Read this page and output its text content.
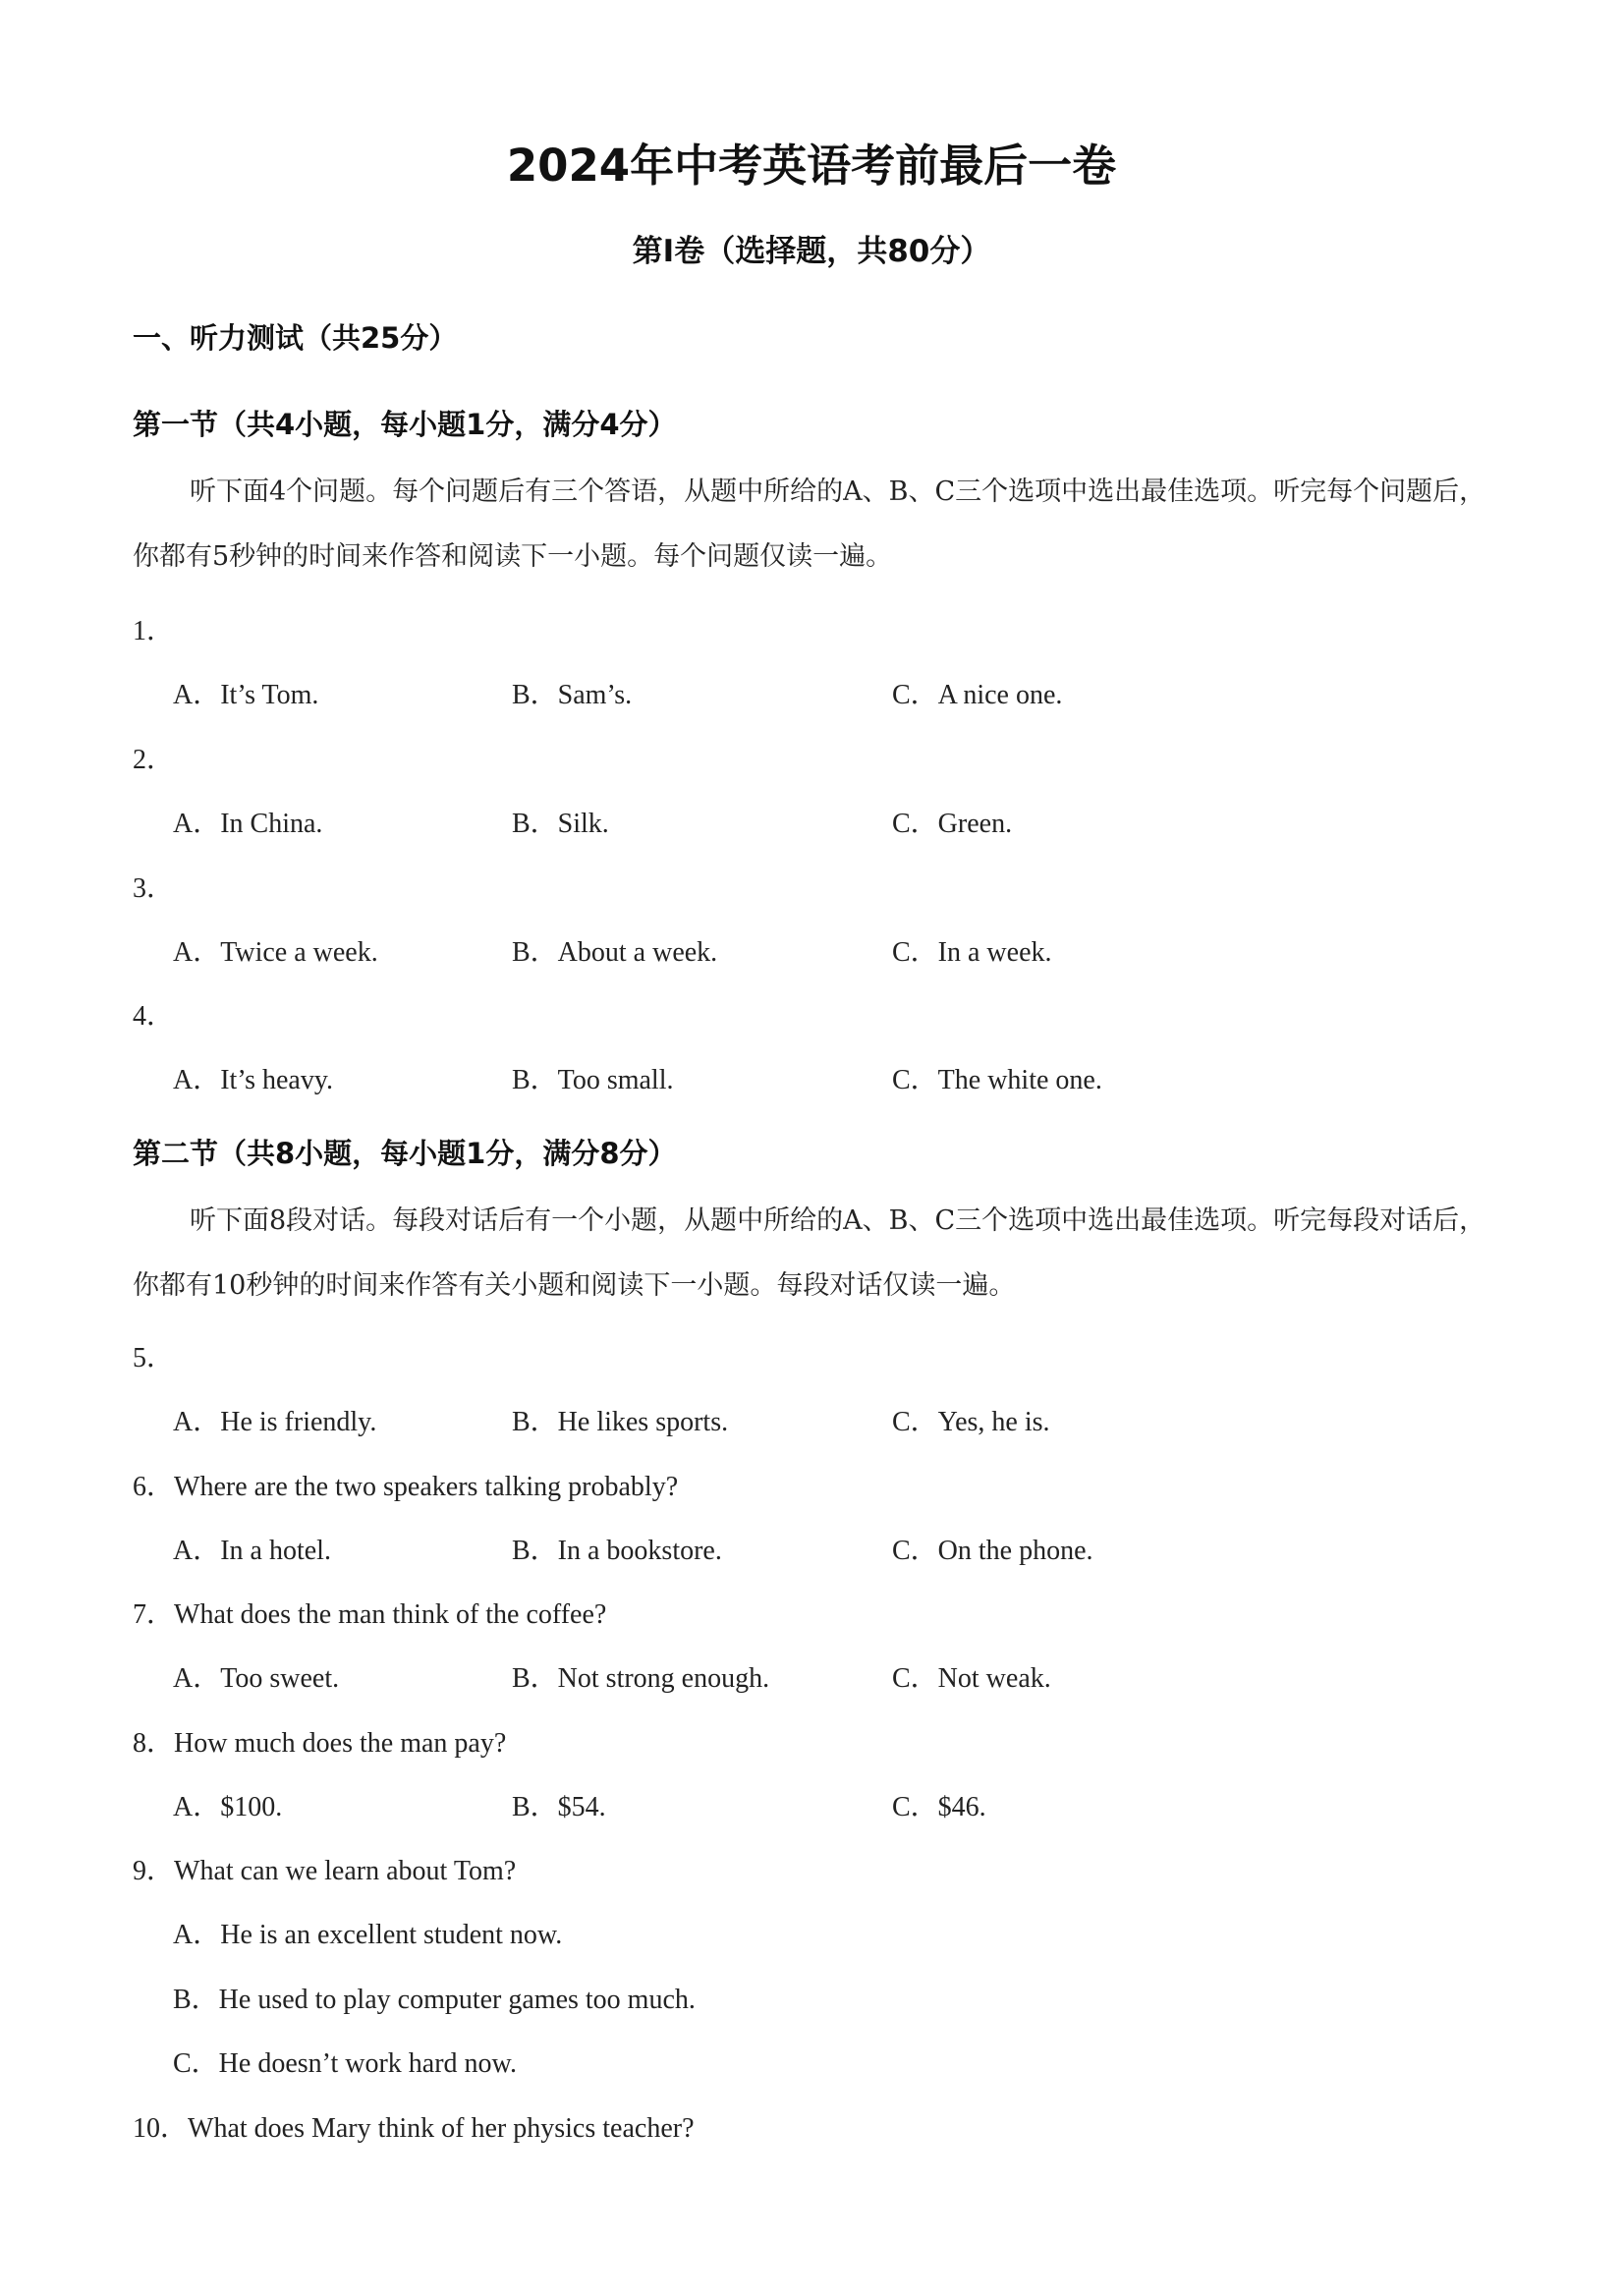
2024年中考英语考前最后一卷
第I卷（选择题，共80分）
一、听力测试（共25分）
第一节（共4小题，每小题1分，满分4分）
听下面4个问题。每个问题后有三个答语，从题中所给的A、B、C三个选项中选出最佳选项。听完每个问题后，你都有5秒钟的时间来作答和阅读下一小题。每个问题仅读一遍。
1．
A．It’s Tom.	B．Sam’s.	C．A nice one.
2．
A．In China.	B．Silk.	C．Green.
3．
A．Twice a week.	B．About a week.	C．In a week.
4．
A．It’s heavy.	B．Too small.	C．The white one.
第二节（共8小题，每小题1分，满分8分）
听下面8段对话。每段对话后有一个小题，从题中所给的A、B、C三个选项中选出最佳选项。听完每段对话后，你都有10秒钟的时间来作答有关小题和阅读下一小题。每段对话仅读一遍。
5．
A．He is friendly.	B．He likes sports.	C．Yes, he is.
6．Where are the two speakers talking probably?
A．In a hotel.	B．In a bookstore.	C．On the phone.
7．What does the man think of the coffee?
A．Too sweet.	B．Not strong enough.	C．Not weak.
8．How much does the man pay?
A．$100.	B．$54.	C．$46.
9．What can we learn about Tom?
A．He is an excellent student now.
B．He used to play computer games too much.
C．He doesn’t work hard now.
10．What does Mary think of her physics teacher?
